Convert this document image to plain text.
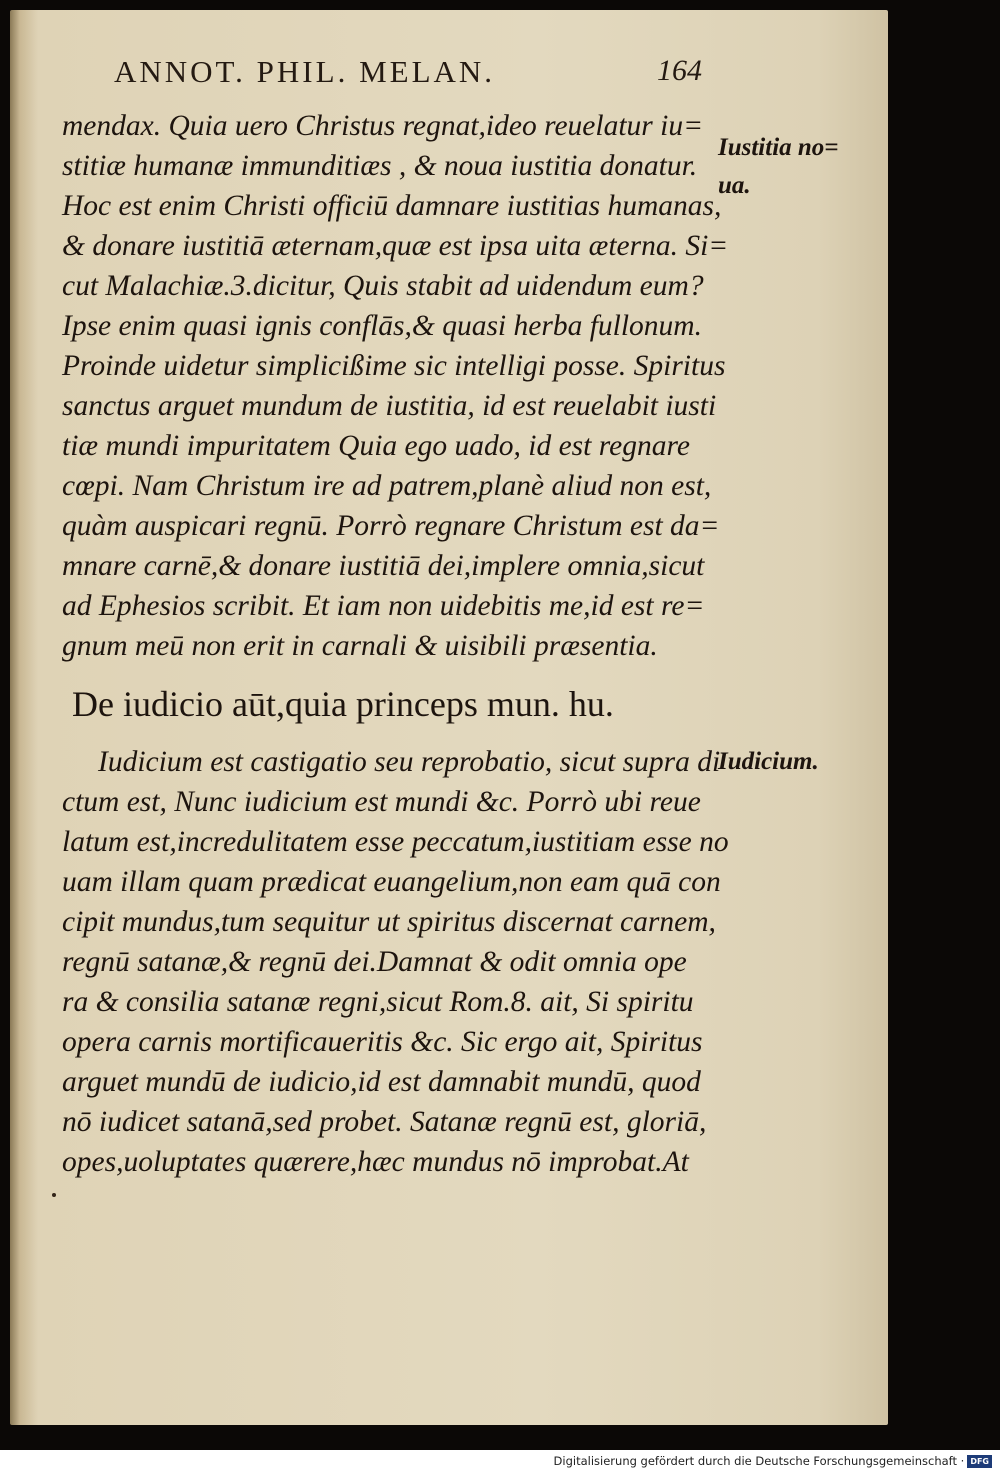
ANNOT. PHIL. MELAN.	164
mendax. Quia uero Christus regnat,ideo reuelatur iu=
stitiæ humanæ immunditiæs , & noua iustitia donatur.
Hoc est enim Christi officiū damnare iustitias humanas,
& donare iustitiā æternam,quæ est ipsa uita æterna. Si=
cut Malachiæ.3.dicitur, Quis stabit ad uidendum eum?
Ipse enim quasi ignis conflās,& quasi herba fullonum.
Proinde uidetur simplicißime sic intelligi posse. Spiritus
sanctus arguet mundum de iustitia, id est reuelabit iusti
tiæ mundi impuritatem Quia ego uado, id est regnare
cœpi. Nam Christum ire ad patrem,planè aliud non est,
quàm auspicari regnū. Porrò regnare Christum est da=
mnare carnē,& donare iustitiā dei,implere omnia,sicut
ad Ephesios scribit. Et iam non uidebitis me,id est re=
gnum meū non erit in carnali & uisibili præsentia.
De iudicio aūt,quia princeps mun. hu.
Iudicium est castigatio seu reprobatio, sicut supra di
ctum est, Nunc iudicium est mundi &c. Porrò ubi reue
latum est,incredulitatem esse peccatum,iustitiam esse no
uam illam quam prædicat euangelium,non eam quā con
cipit mundus,tum sequitur ut spiritus discernat carnem,
regnū satanæ,& regnū dei.Damnat & odit omnia ope
ra & consilia satanæ regni,sicut Rom.8. ait, Si spiritu
opera carnis mortificaueritis &c. Sic ergo ait, Spiritus
arguet mundū de iudicio,id est damnabit mundū, quod
nō iudicet satanā,sed probet. Satanæ regnū est, gloriā,
opes,uoluptates quærere,hæc mundus nō improbat.At
Iustitia no=
ua.
Iudicium.
Digitalisierung gefördert durch die Deutsche Forschungsgemeinschaft · DFG
